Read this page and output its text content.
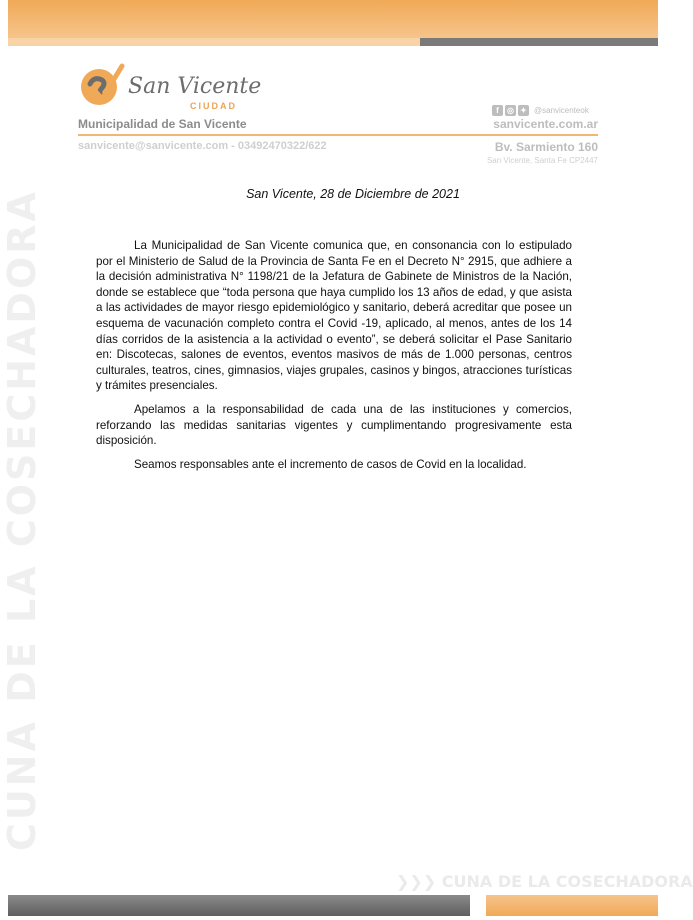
CUNA DE LA COSECHADORA
San Vicente
CIUDAD
Municipalidad de San Vicente
f	◎ ✦ @sanvicenteok
sanvicente.com.ar
sanvicente@sanvicente.com - 03492470322/622	Bv. Sarmiento 160
San Vicente, Santa Fe CP2447
San Vicente, 28 de Diciembre de 2021

La Municipalidad de San Vicente comunica que, en consonancia con lo estipulado por el Ministerio de Salud de la Provincia de Santa Fe en el Decreto N° 2915, que adhiere a la decisión administrativa N° 1198/21 de la Jefatura de Gabinete de Ministros de la Nación, donde se establece que “toda persona que haya cumplido los 13 años de edad, y que asista a las actividades de mayor riesgo epidemiológico y sanitario, deberá acreditar que posee un esquema de vacunación completo contra el Covid -19, aplicado, al menos, antes de los 14 días corridos de la asistencia a la actividad o evento”, se deberá solicitar el Pase Sanitario en: Discotecas, salones de eventos, eventos masivos de más de 1.000 personas, centros culturales, teatros, cines, gimnasios, viajes grupales, casinos y bingos, atracciones turísticas y trámites presenciales.

Apelamos a la responsabilidad de cada una de las instituciones y comercios, reforzando las medidas sanitarias vigentes y cumplimentando progresivamente esta disposición.

Seamos responsables ante el incremento de casos de Covid en la localidad.

❯❯❯ CUNA DE LA COSECHADORA
